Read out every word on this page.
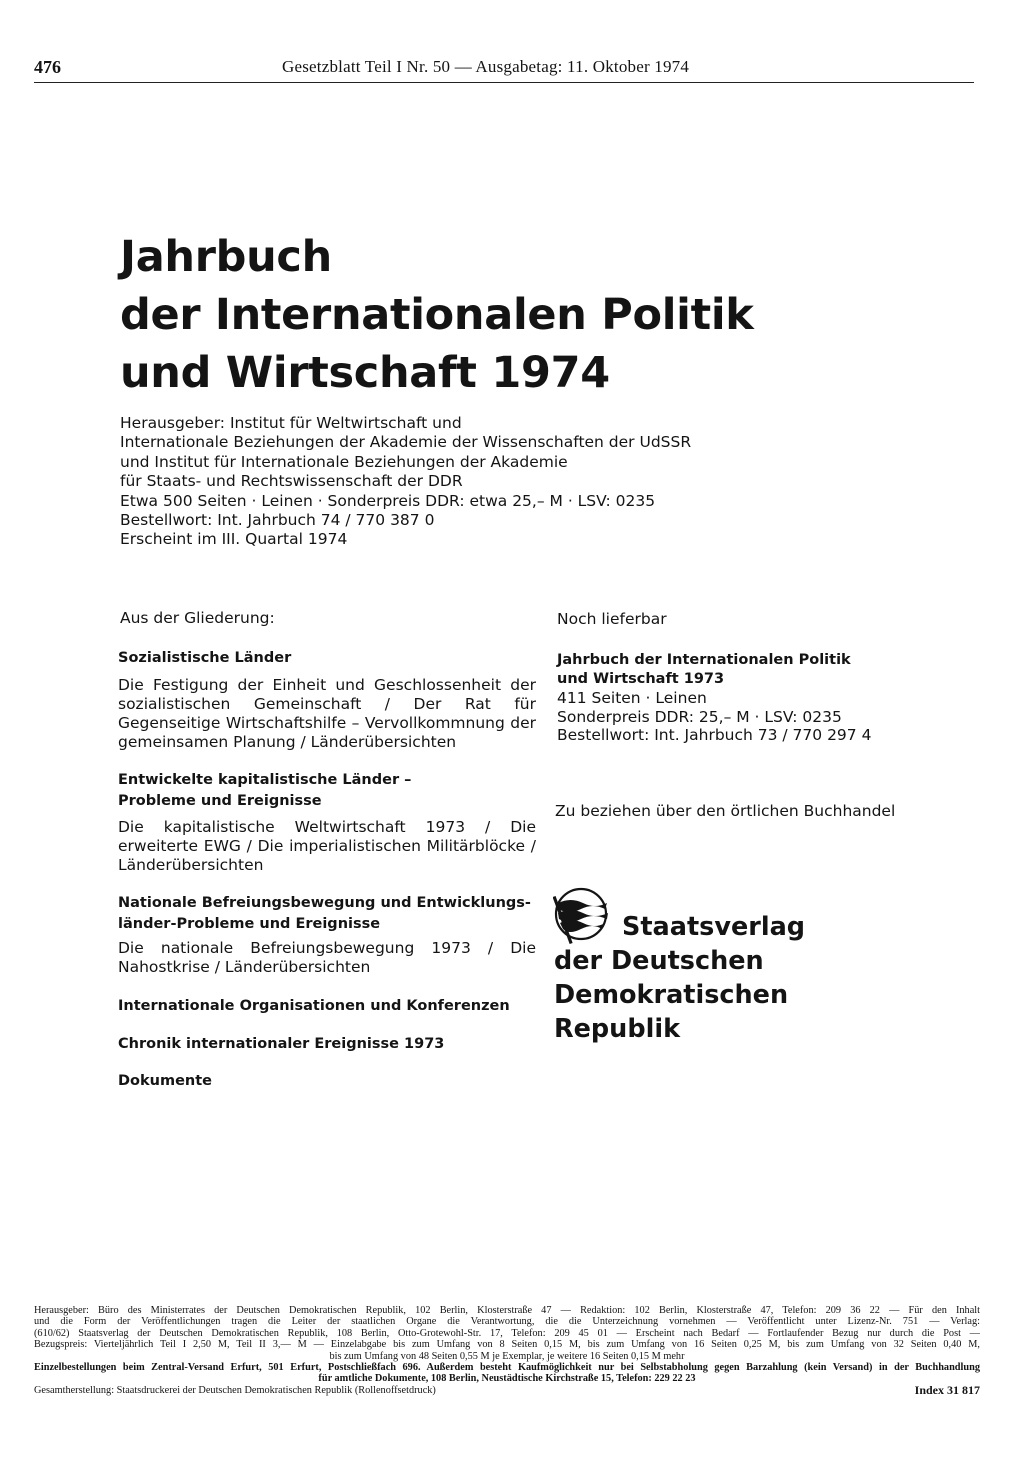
476	Gesetzblatt Teil I Nr. 50 — Ausgabetag: 11. Oktober 1974
Jahrbuch
der Internationalen Politik
und Wirtschaft 1974
Herausgeber: Institut für Weltwirtschaft und
Internationale Beziehungen der Akademie der Wissenschaften der UdSSR
und Institut für Internationale Beziehungen der Akademie
für Staats- und Rechtswissenschaft der DDR
Etwa 500 Seiten · Leinen · Sonderpreis DDR: etwa 25,– M · LSV: 0235
Bestellwort: Int. Jahrbuch 74 / 770 387 0
Erscheint im III. Quartal 1974
Aus der Gliederung:
Sozialistische Länder
Die Festigung der Einheit und Geschlossenheit der sozialistischen Gemeinschaft / Der Rat für Gegenseitige Wirtschaftshilfe – Vervollkommnung der gemeinsamen Planung / Länderübersichten
Entwickelte kapitalistische Länder –
Probleme und Ereignisse
Die kapitalistische Weltwirtschaft 1973 / Die erweiterte EWG / Die imperialistischen Militärblöcke / Länderübersichten
Nationale Befreiungsbewegung und Entwicklungs-
länder-Probleme und Ereignisse
Die nationale Befreiungsbewegung 1973 / Die Nahostkrise / Länderübersichten
Internationale Organisationen und Konferenzen
Chronik internationaler Ereignisse 1973
Dokumente
Noch lieferbar
Jahrbuch der Internationalen Politik
und Wirtschaft 1973
411 Seiten · Leinen
Sonderpreis DDR: 25,– M · LSV: 0235
Bestellwort: Int. Jahrbuch 73 / 770 297 4
Zu beziehen über den örtlichen Buchhandel
Staatsverlag
der Deutschen
Demokratischen
Republik
Herausgeber: Büro des Ministerrates der Deutschen Demokratischen Republik, 102 Berlin, Klosterstraße 47 — Redaktion: 102 Berlin, Klosterstraße 47, Telefon: 209 36 22 — Für den Inhalt
und die Form der Veröffentlichungen tragen die Leiter der staatlichen Organe die Verantwortung, die die Unterzeichnung vornehmen — Veröffentlicht unter Lizenz-Nr. 751 — Verlag:
(610/62) Staatsverlag der Deutschen Demokratischen Republik, 108 Berlin, Otto-Grotewohl-Str. 17, Telefon: 209 45 01 — Erscheint nach Bedarf — Fortlaufender Bezug nur durch die Post —
Bezugspreis: Vierteljährlich Teil I 2,50 M, Teil II 3,— M — Einzelabgabe bis zum Umfang von 8 Seiten 0,15 M, bis zum Umfang von 16 Seiten 0,25 M, bis zum Umfang von 32 Seiten 0,40 M,
bis zum Umfang von 48 Seiten 0,55 M je Exemplar, je weitere 16 Seiten 0,15 M mehr
Einzelbestellungen beim Zentral-Versand Erfurt, 501 Erfurt, Postschließfach 696. Außerdem besteht Kaufmöglichkeit nur bei Selbstabholung gegen Barzahlung (kein Versand) in der Buchhandlung
für amtliche Dokumente, 108 Berlin, Neustädtische Kirchstraße 15, Telefon: 229 22 23
Gesamtherstellung: Staatsdruckerei der Deutschen Demokratischen Republik (Rollenoffsetdruck)	Index 31 817
